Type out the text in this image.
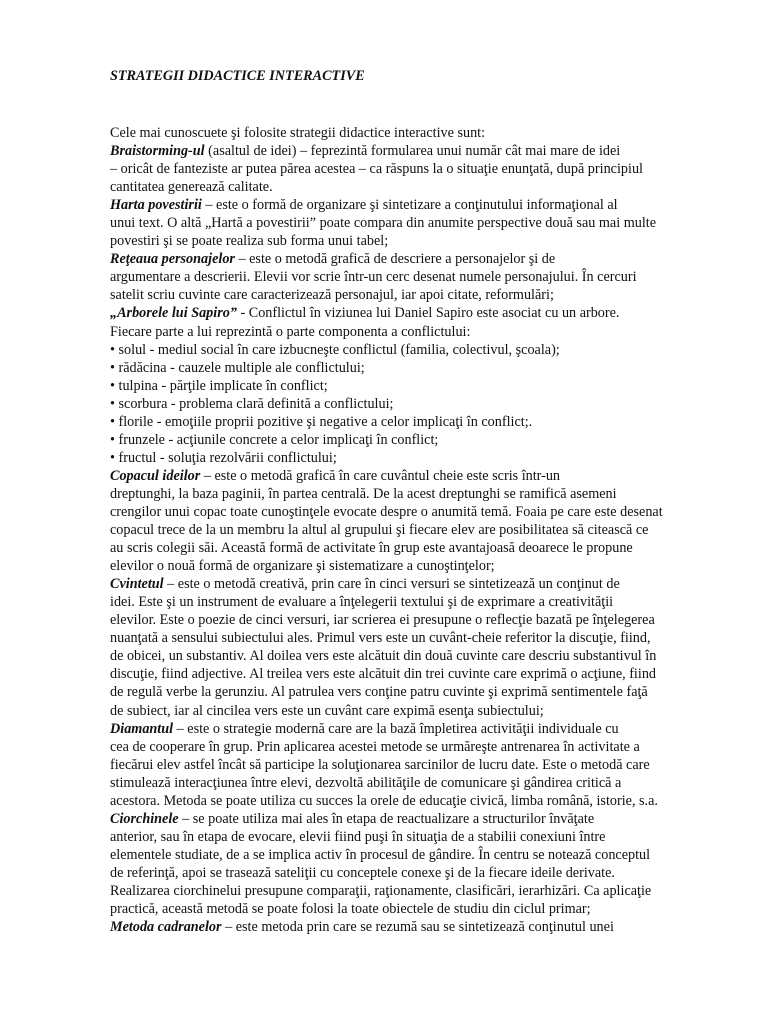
STRATEGII DIDACTICE INTERACTIVE
Cele mai cunoscuete şi folosite strategii didactice interactive sunt:
Braistorming-ul (asaltul de idei) – feprezintă formularea unui număr cât mai mare de idei
– oricât de fanteziste ar putea părea acestea – ca răspuns la o situaţie enunţată, după principiul
cantitatea generează calitate.
Harta povestirii – este o formă de organizare şi sintetizare a conţinutului informaţional al
unui text. O altă „Hartă a povestirii” poate compara din anumite perspective două sau mai multe
povestiri şi se poate realiza sub forma unui tabel;
Reţeaua personajelor – este o metodă grafică de descriere a personajelor şi de
argumentare a descrierii. Elevii vor scrie într-un cerc desenat numele personajului. În cercuri
satelit scriu cuvinte care caracterizează personajul, iar apoi citate, reformulări;
„Arborele lui Sapiro” - Conflictul în viziunea lui Daniel Sapiro este asociat cu un arbore.
Fiecare parte a lui reprezintă o parte componenta a conflictului:
• solul - mediul social în care izbucneşte conflictul (familia, colectivul, şcoala);
• rădăcina - cauzele multiple ale conflictului;
• tulpina - părţile implicate în conflict;
• scorbura - problema clară definită a conflictului;
• florile - emoţiile proprii pozitive şi negative a celor implicaţi în conflict;.
• frunzele - acţiunile concrete a celor implicaţi în conflict;
• fructul - soluţia rezolvării conflictului;
Copacul ideilor – este o metodă grafică în care cuvântul cheie este scris într-un
dreptunghi, la baza paginii, în partea centrală. De la acest dreptunghi se ramifică asemeni
crengilor unui copac toate cunoştinţele evocate despre o anumită temă. Foaia pe care este desenat
copacul trece de la un membru la altul al grupului şi fiecare elev are posibilitatea să citească ce
au scris colegii săi. Această formă de activitate în grup este avantajoasă deoarece le propune
elevilor o nouă formă de organizare şi sistematizare a cunoştinţelor;
Cvintetul – este o metodă creativă, prin care în cinci versuri se sintetizează un conţinut de
idei. Este şi un instrument de evaluare a înţelegerii textului şi de exprimare a creativităţii
elevilor. Este o poezie de cinci versuri, iar scrierea ei presupune o reflecţie bazată pe înţelegerea
nuanţată a sensului subiectului ales. Primul vers este un cuvânt-cheie referitor la discuţie, fiind,
de obicei, un substantiv. Al doilea vers este alcătuit din două cuvinte care descriu substantivul în
discuţie, fiind adjective. Al treilea vers este alcătuit din trei cuvinte care exprimă o acţiune, fiind
de regulă verbe la gerunziu. Al patrulea vers conţine patru cuvinte şi exprimă sentimentele faţă
de subiect, iar al cincilea vers este un cuvânt care expimă esenţa subiectului;
Diamantul – este o strategie modernă care are la bază împletirea activităţii individuale cu
cea de cooperare în grup. Prin aplicarea acestei metode se urmăreşte antrenarea în activitate a
fiecărui elev astfel încât să participe la soluţionarea sarcinilor de lucru date. Este o metodă care
stimulează interacţiunea între elevi, dezvoltă abilităţile de comunicare şi gândirea critică a
acestora. Metoda se poate utiliza cu succes la orele de educaţie civică, limba română, istorie, s.a.
Ciorchinele – se poate utiliza mai ales în etapa de reactualizare a structurilor învăţate
anterior, sau în etapa de evocare, elevii fiind puşi în situaţia de a stabilii conexiuni între
elementele studiate, de a se implica activ în procesul de gândire. În centru se notează conceptul
de referinţă, apoi se trasează sateliţii cu conceptele conexe şi de la fiecare ideile derivate.
Realizarea ciorchinelui presupune comparaţii, raţionamente, clasificări, ierarhizări. Ca aplicaţie
practică, această metodă se poate folosi la toate obiectele de studiu din ciclul primar;
Metoda cadranelor – este metoda prin care se rezumă sau se sintetizează conţinutul unei
